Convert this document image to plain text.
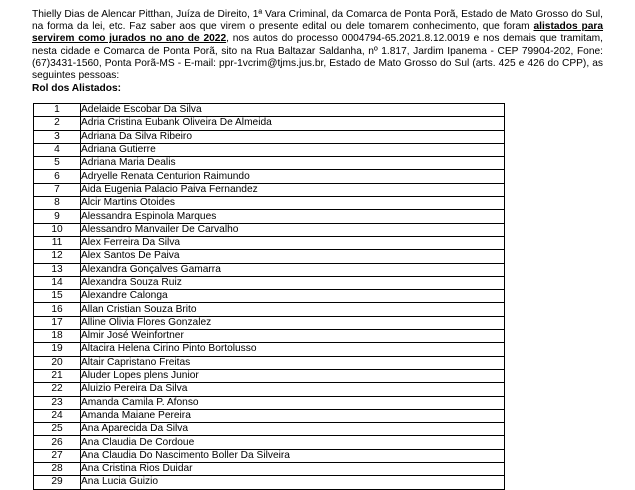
Thielly Dias de Alencar Pitthan, Juíza de Direito, 1ª Vara Criminal, da Comarca de Ponta Porã, Estado de Mato Grosso do Sul, na forma da lei, etc. Faz saber aos que virem o presente edital ou dele tomarem conhecimento, que foram alistados para servirem como jurados no ano de 2022, nos autos do processo 0004794-65.2021.8.12.0019 e nos demais que tramitam, nesta cidade e Comarca de Ponta Porã, sito na Rua Baltazar Saldanha, nº 1.817, Jardim Ipanema - CEP 79904-202, Fone: (67)3431-1560, Ponta Porã-MS - E-mail: ppr-1vcrim@tjms.jus.br, Estado de Mato Grosso do Sul (arts. 425 e 426 do CPP), as seguintes pessoas:
Rol dos Alistados:
1	Adelaide Escobar Da Silva
2	Adria Cristina Eubank Oliveira De Almeida
3	Adriana Da Silva Ribeiro
4	Adriana Gutierre
5	Adriana Maria Dealis
6	Adryelle Renata Centurion Raimundo
7	Aida Eugenia Palacio Paiva Fernandez
8	Alcir Martins Otoides
9	Alessandra Espinola Marques
10	Alessandro Manvailer De Carvalho
11	Alex Ferreira Da Silva
12	Alex Santos De Paiva
13	Alexandra Gonçalves Gamarra
14	Alexandra Souza Ruiz
15	Alexandre Calonga
16	Allan Cristian Souza Brito
17	Alline Olivia Flores Gonzalez
18	Almir José Weinfortner
19	Altacira Helena Cirino Pinto Bortolusso
20	Altair Capristano Freitas
21	Aluder Lopes plens Junior
22	Aluizio Pereira Da Silva
23	Amanda Camila P. Afonso
24	Amanda Maiane Pereira
25	Ana Aparecida Da Silva
26	Ana Claudia De Cordoue
27	Ana Claudia Do Nascimento Boller Da Silveira
28	Ana Cristina Rios Duidar
29	Ana Lucia Guizio
